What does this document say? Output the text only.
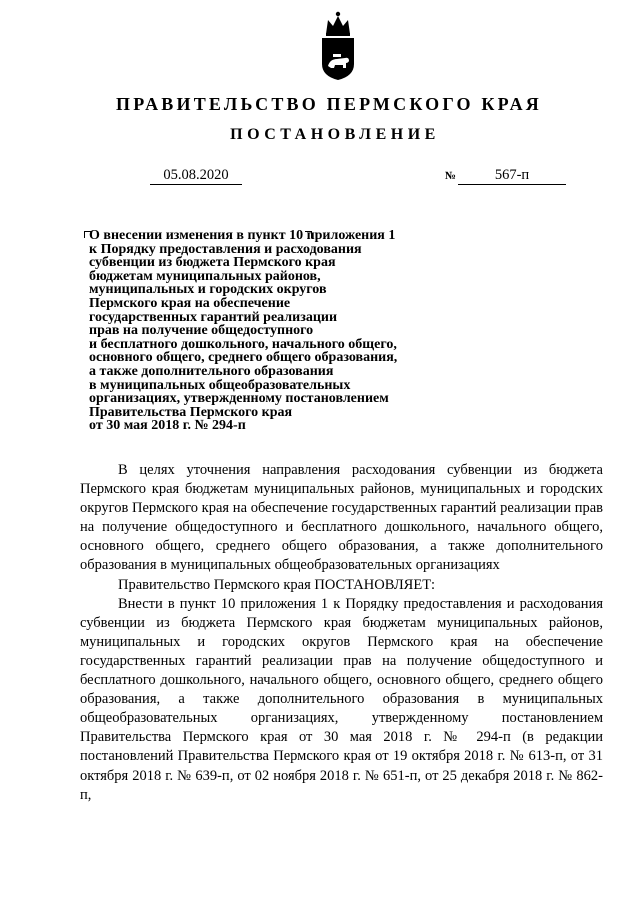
ПРАВИТЕЛЬСТВО ПЕРМСКОГО КРАЯ
ПОСТАНОВЛЕНИЕ
05.08.2020	№	567-п
О внесении изменения в пункт 10 приложения 1
к Порядку предоставления и расходования
субвенции из бюджета Пермского края
бюджетам муниципальных районов,
муниципальных и городских округов
Пермского края на обеспечение
государственных гарантий реализации
прав на получение общедоступного
и бесплатного дошкольного, начального общего,
основного общего, среднего общего образования,
а также дополнительного образования
в муниципальных общеобразовательных
организациях, утвержденному постановлением
Правительства Пермского края
от 30 мая 2018 г. № 294-п

В целях уточнения направления расходования субвенции из бюджета Пермского края бюджетам муниципальных районов, муниципальных и городских округов Пермского края на обеспечение государственных гарантий реализации прав на получение общедоступного и бесплатного дошкольного, начального общего, основного общего, среднего общего образования, а также дополнительного образования в муниципальных общеобразовательных организациях

Правительство Пермского края ПОСТАНОВЛЯЕТ:

Внести в пункт 10 приложения 1 к Порядку предоставления и расходования субвенции из бюджета Пермского края бюджетам муниципальных районов, муниципальных и городских округов Пермского края на обеспечение государственных гарантий реализации прав на получение общедоступного и бесплатного дошкольного, начального общего, основного общего, среднего общего образования, а также дополнительного образования в муниципальных общеобразовательных организациях, утвержденному постановлением Правительства Пермского края от 30 мая 2018 г. № 294-п (в редакции постановлений Правительства Пермского края от 19 октября 2018 г. № 613-п, от 31 октября 2018 г. № 639-п, от 02 ноября 2018 г. № 651-п, от 25 декабря 2018 г. № 862-п,
